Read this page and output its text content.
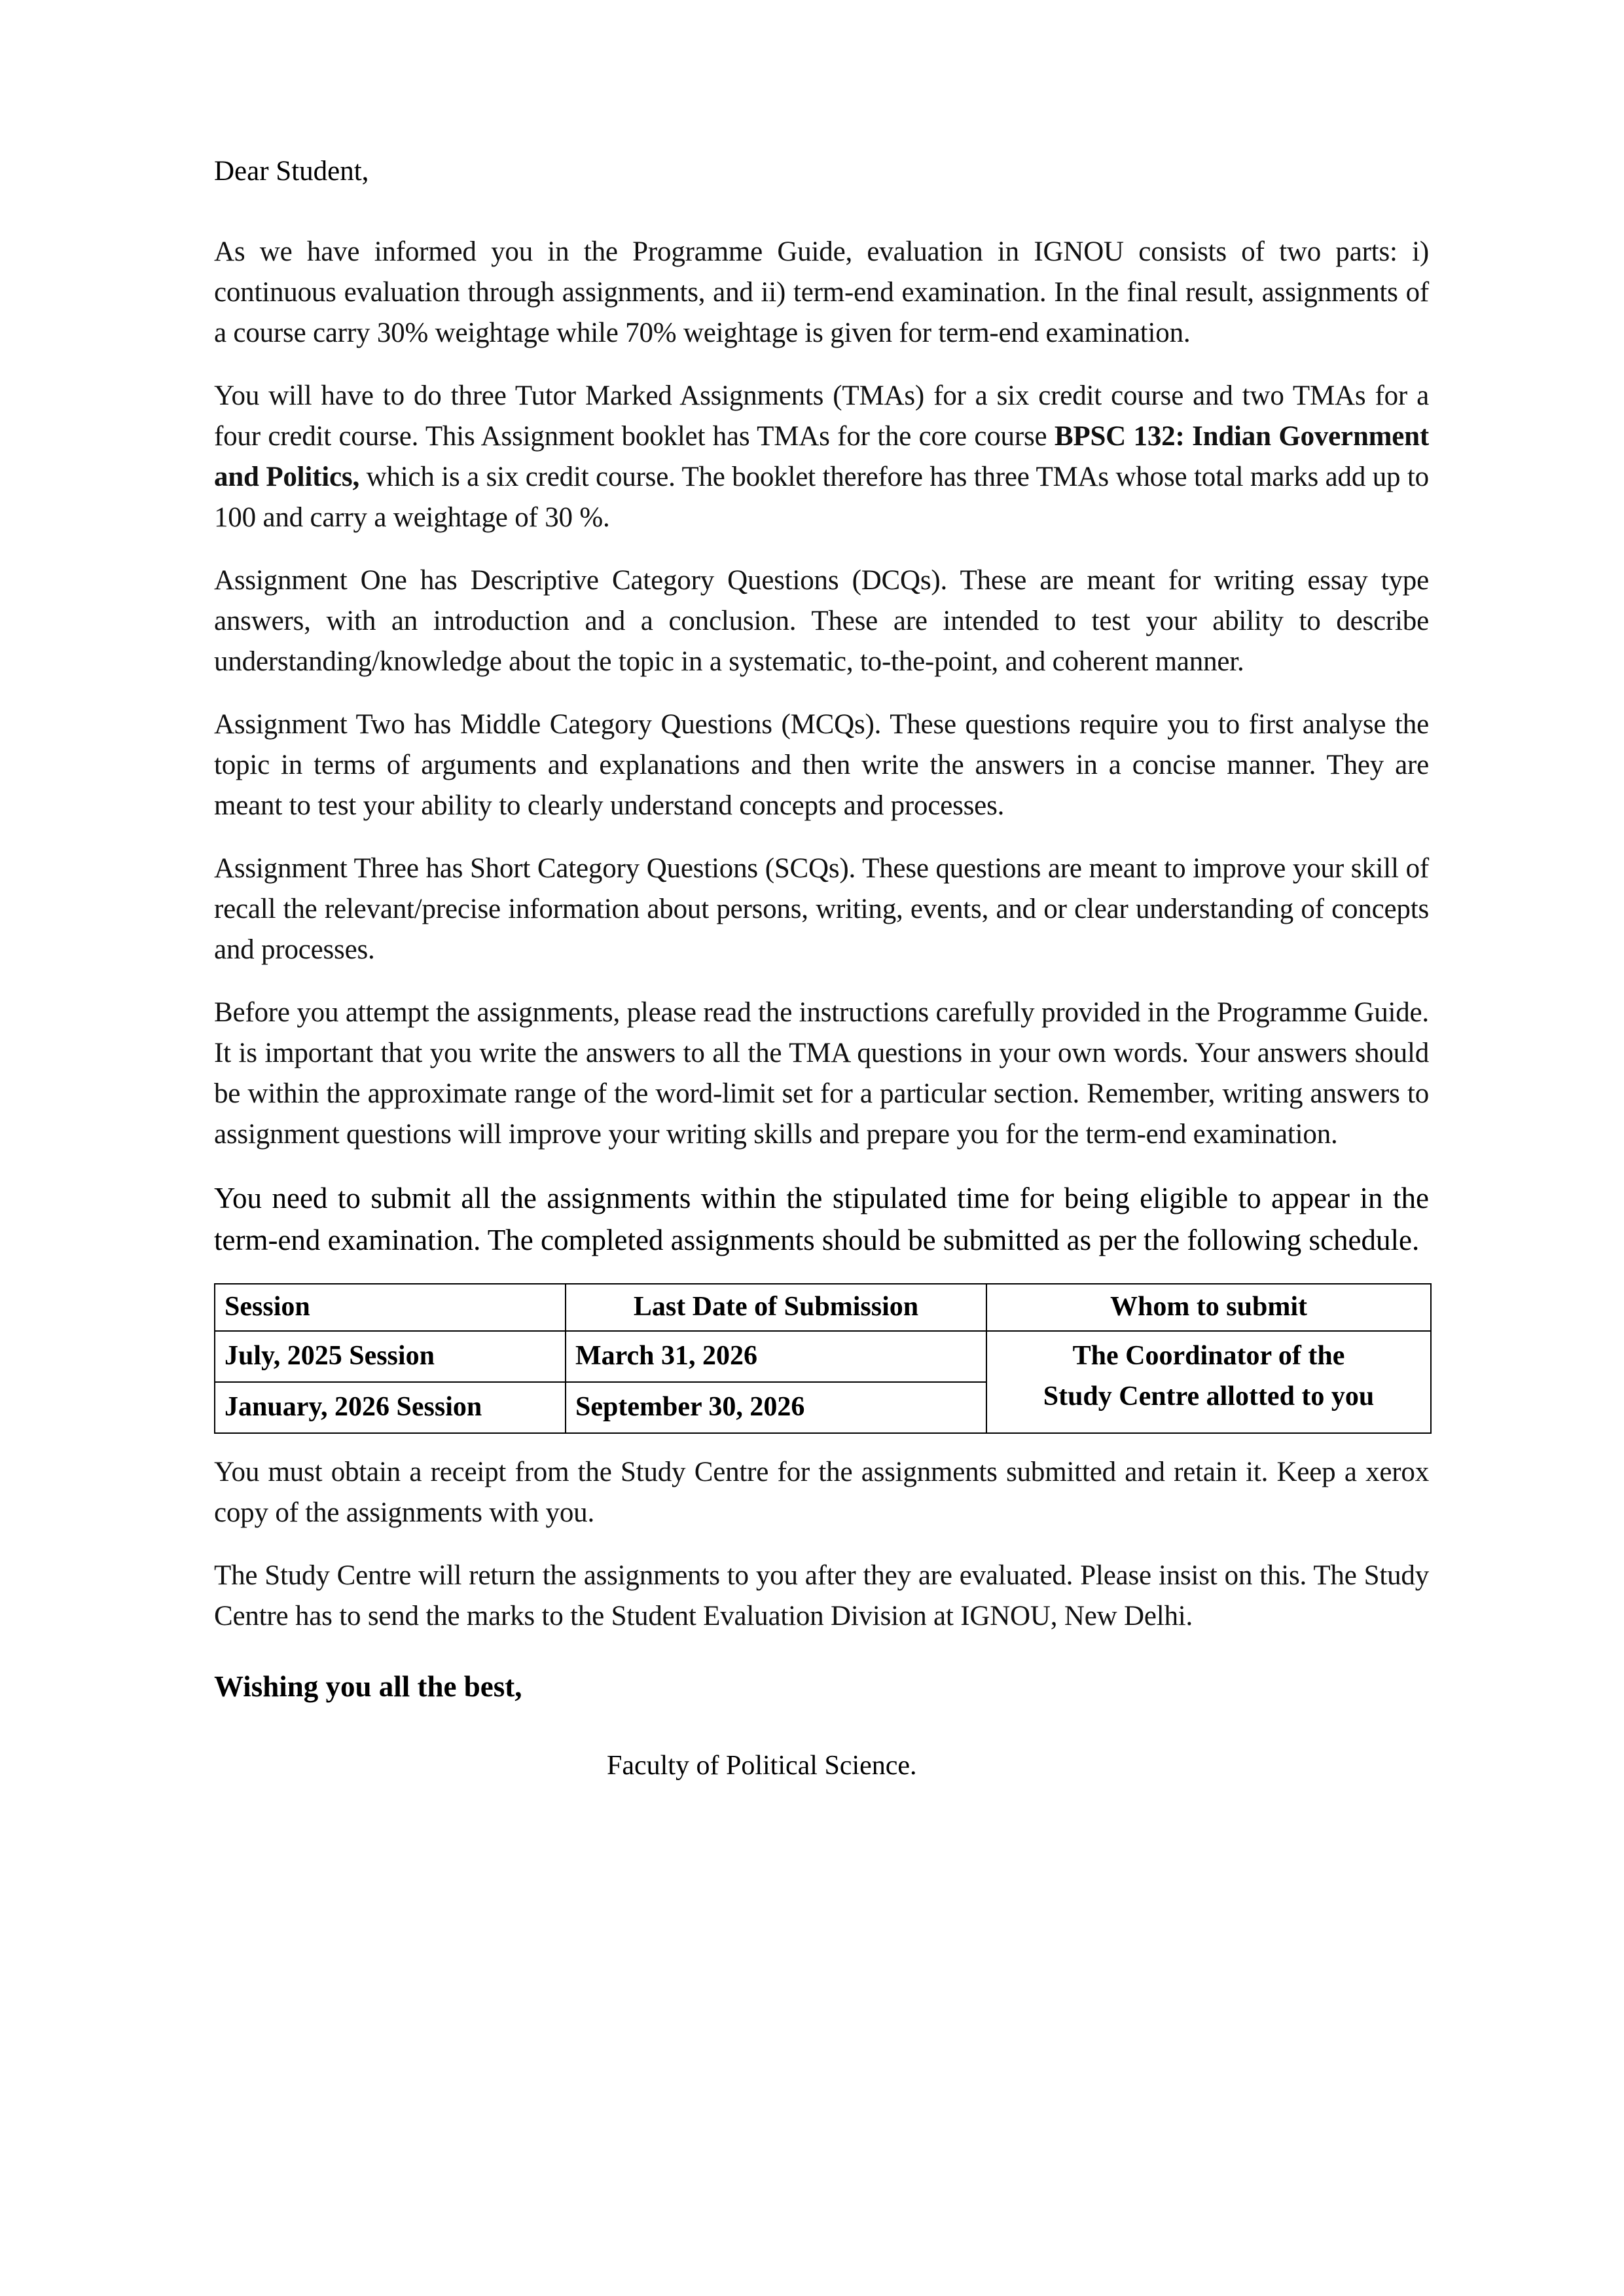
Dear Student,

As we have informed you in the Programme Guide, evaluation in IGNOU consists of two parts: i) continuous evaluation through assignments, and ii) term-end examination. In the final result, assignments of a course carry 30% weightage while 70% weightage is given for term-end examination.

You will have to do three Tutor Marked Assignments (TMAs) for a six credit course and two TMAs for a four credit course. This Assignment booklet has TMAs for the core course BPSC 132: Indian Government and Politics, which is a six credit course. The booklet therefore has three TMAs whose total marks add up to 100 and carry a weightage of 30 %.

Assignment One has Descriptive Category Questions (DCQs). These are meant for writing essay type answers, with an introduction and a conclusion. These are intended to test your ability to describe understanding/knowledge about the topic in a systematic, to-the-point, and coherent manner.

Assignment Two has Middle Category Questions (MCQs). These questions require you to first analyse the topic in terms of arguments and explanations and then write the answers in a concise manner. They are meant to test your ability to clearly understand concepts and processes.

Assignment Three has Short Category Questions (SCQs). These questions are meant to improve your skill of recall the relevant/precise information about persons, writing, events, and or clear understanding of concepts and processes.

Before you attempt the assignments, please read the instructions carefully provided in the Programme Guide. It is important that you write the answers to all the TMA questions in your own words. Your answers should be within the approximate range of the word-limit set for a particular section. Remember, writing answers to assignment questions will improve your writing skills and prepare you for the term-end examination.

You need to submit all the assignments within the stipulated time for being eligible to appear in the term-end examination. The completed assignments should be submitted as per the following schedule.

Session	Last Date of Submission	Whom to submit
July, 2025 Session	March 31, 2026	The Coordinator of the
Study Centre allotted to you

January, 2026 Session	September 30, 2026	

You must obtain a receipt from the Study Centre for the assignments submitted and retain it. Keep a xerox copy of the assignments with you.

The Study Centre will return the assignments to you after they are evaluated. Please insist on this. The Study Centre has to send the marks to the Student Evaluation Division at IGNOU, New Delhi.

Wishing you all the best,

Faculty of Political Science.
